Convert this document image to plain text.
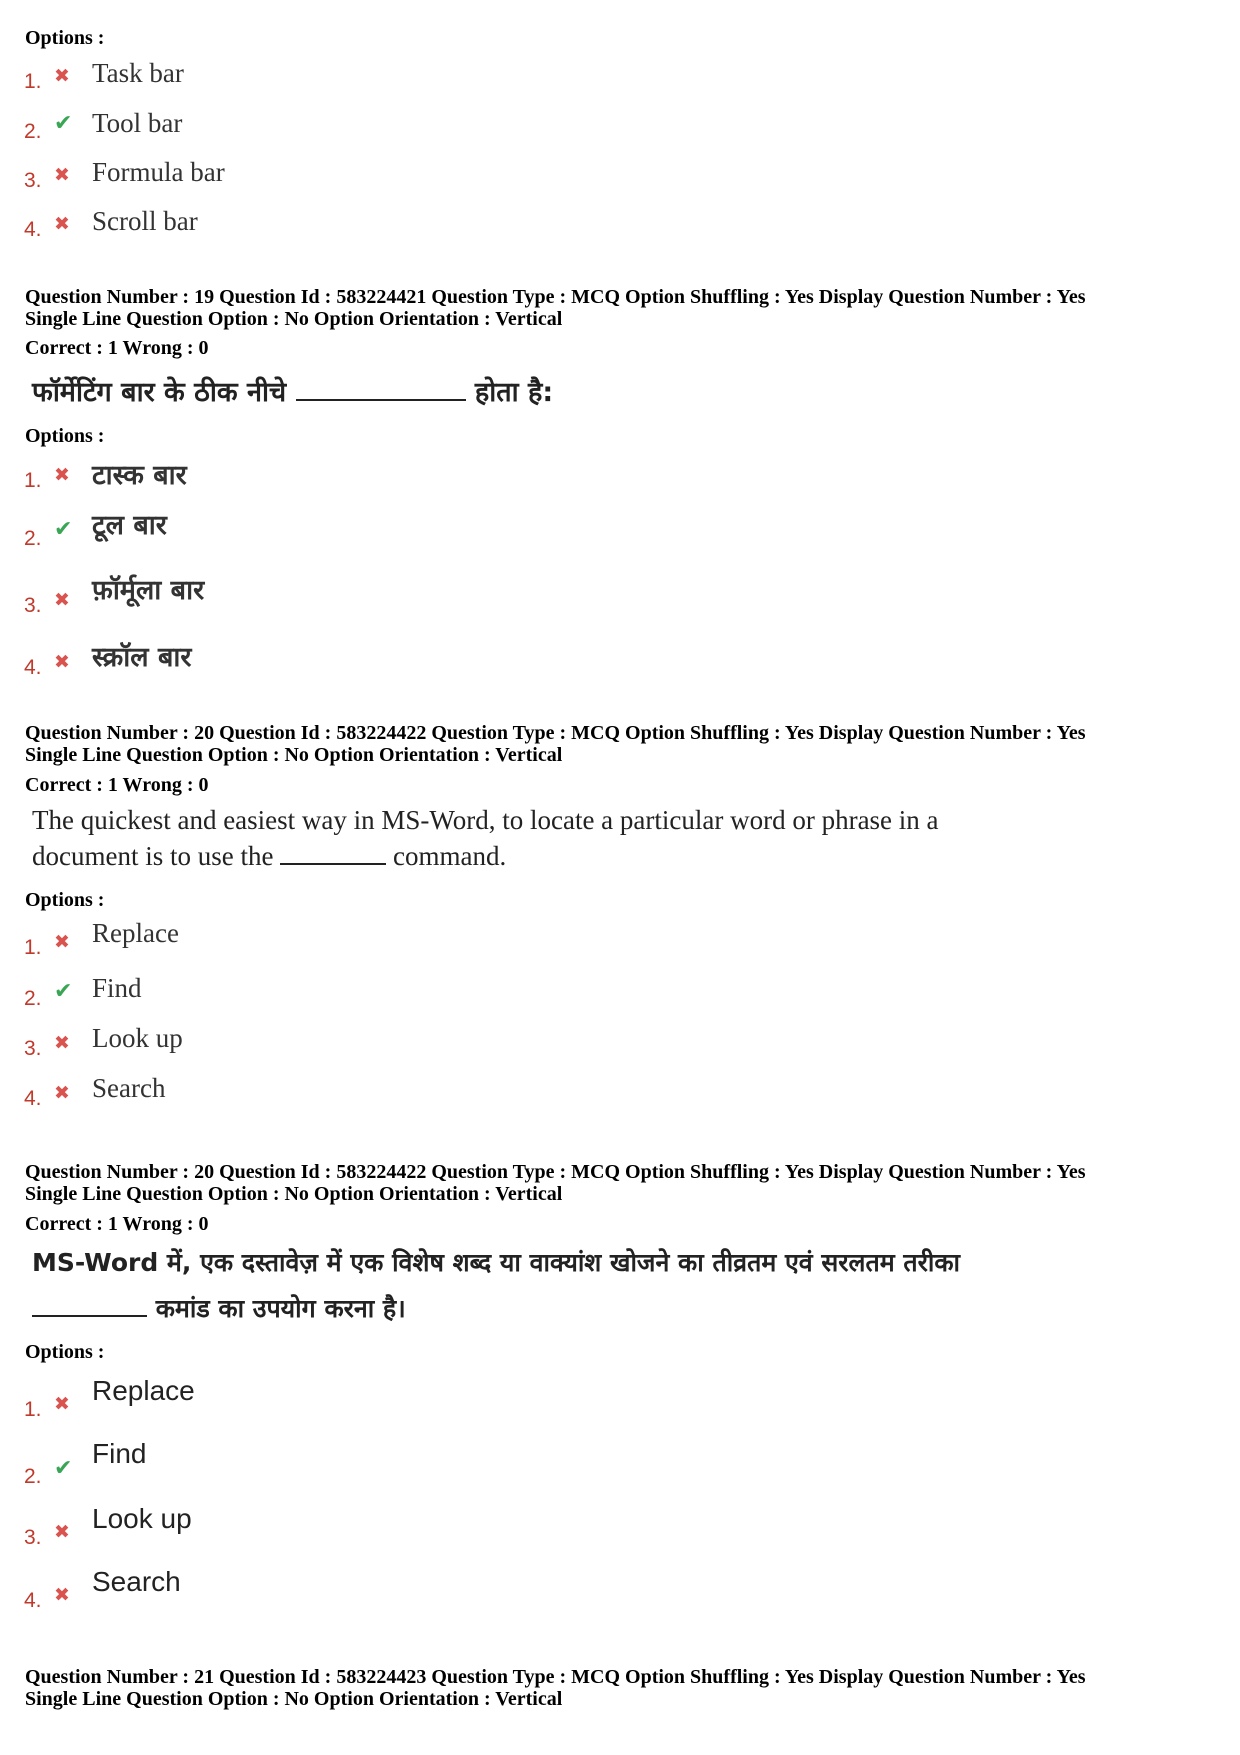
Options :
1. ✖ Task bar
2. ✔ Tool bar
3. ✖ Formula bar
4. ✖ Scroll bar
Question Number : 19 Question Id : 583224421 Question Type : MCQ Option Shuffling : Yes Display Question Number : Yes
Single Line Question Option : No Option Orientation : Vertical
Correct : 1 Wrong : 0
फॉर्मेटिंग बार के ठीक नीचे	होता है:
Options :
1. ✖ टास्क बार
2. ✔ टूल बार
3. ✖ फ़ॉर्मूला बार
4. ✖ स्क्रॉल बार
Question Number : 20 Question Id : 583224422 Question Type : MCQ Option Shuffling : Yes Display Question Number : Yes
Single Line Question Option : No Option Orientation : Vertical
Correct : 1 Wrong : 0
The quickest and easiest way in MS-Word, to locate a particular word or phrase in a
document is to use the	command.
Options :
1. ✖ Replace
2. ✔ Find
3. ✖ Look up
4. ✖ Search
Question Number : 20 Question Id : 583224422 Question Type : MCQ Option Shuffling : Yes Display Question Number : Yes
Single Line Question Option : No Option Orientation : Vertical
Correct : 1 Wrong : 0
MS-Word में, एक दस्तावेज़ में एक विशेष शब्द या वाक्यांश खोजने का तीव्रतम एवं सरलतम तरीका
कमांड का उपयोग करना है।
Options :
1. ✖ Replace
2. ✔ Find
3. ✖ Look up
4. ✖ Search
Question Number : 21 Question Id : 583224423 Question Type : MCQ Option Shuffling : Yes Display Question Number : Yes
Single Line Question Option : No Option Orientation : Vertical
